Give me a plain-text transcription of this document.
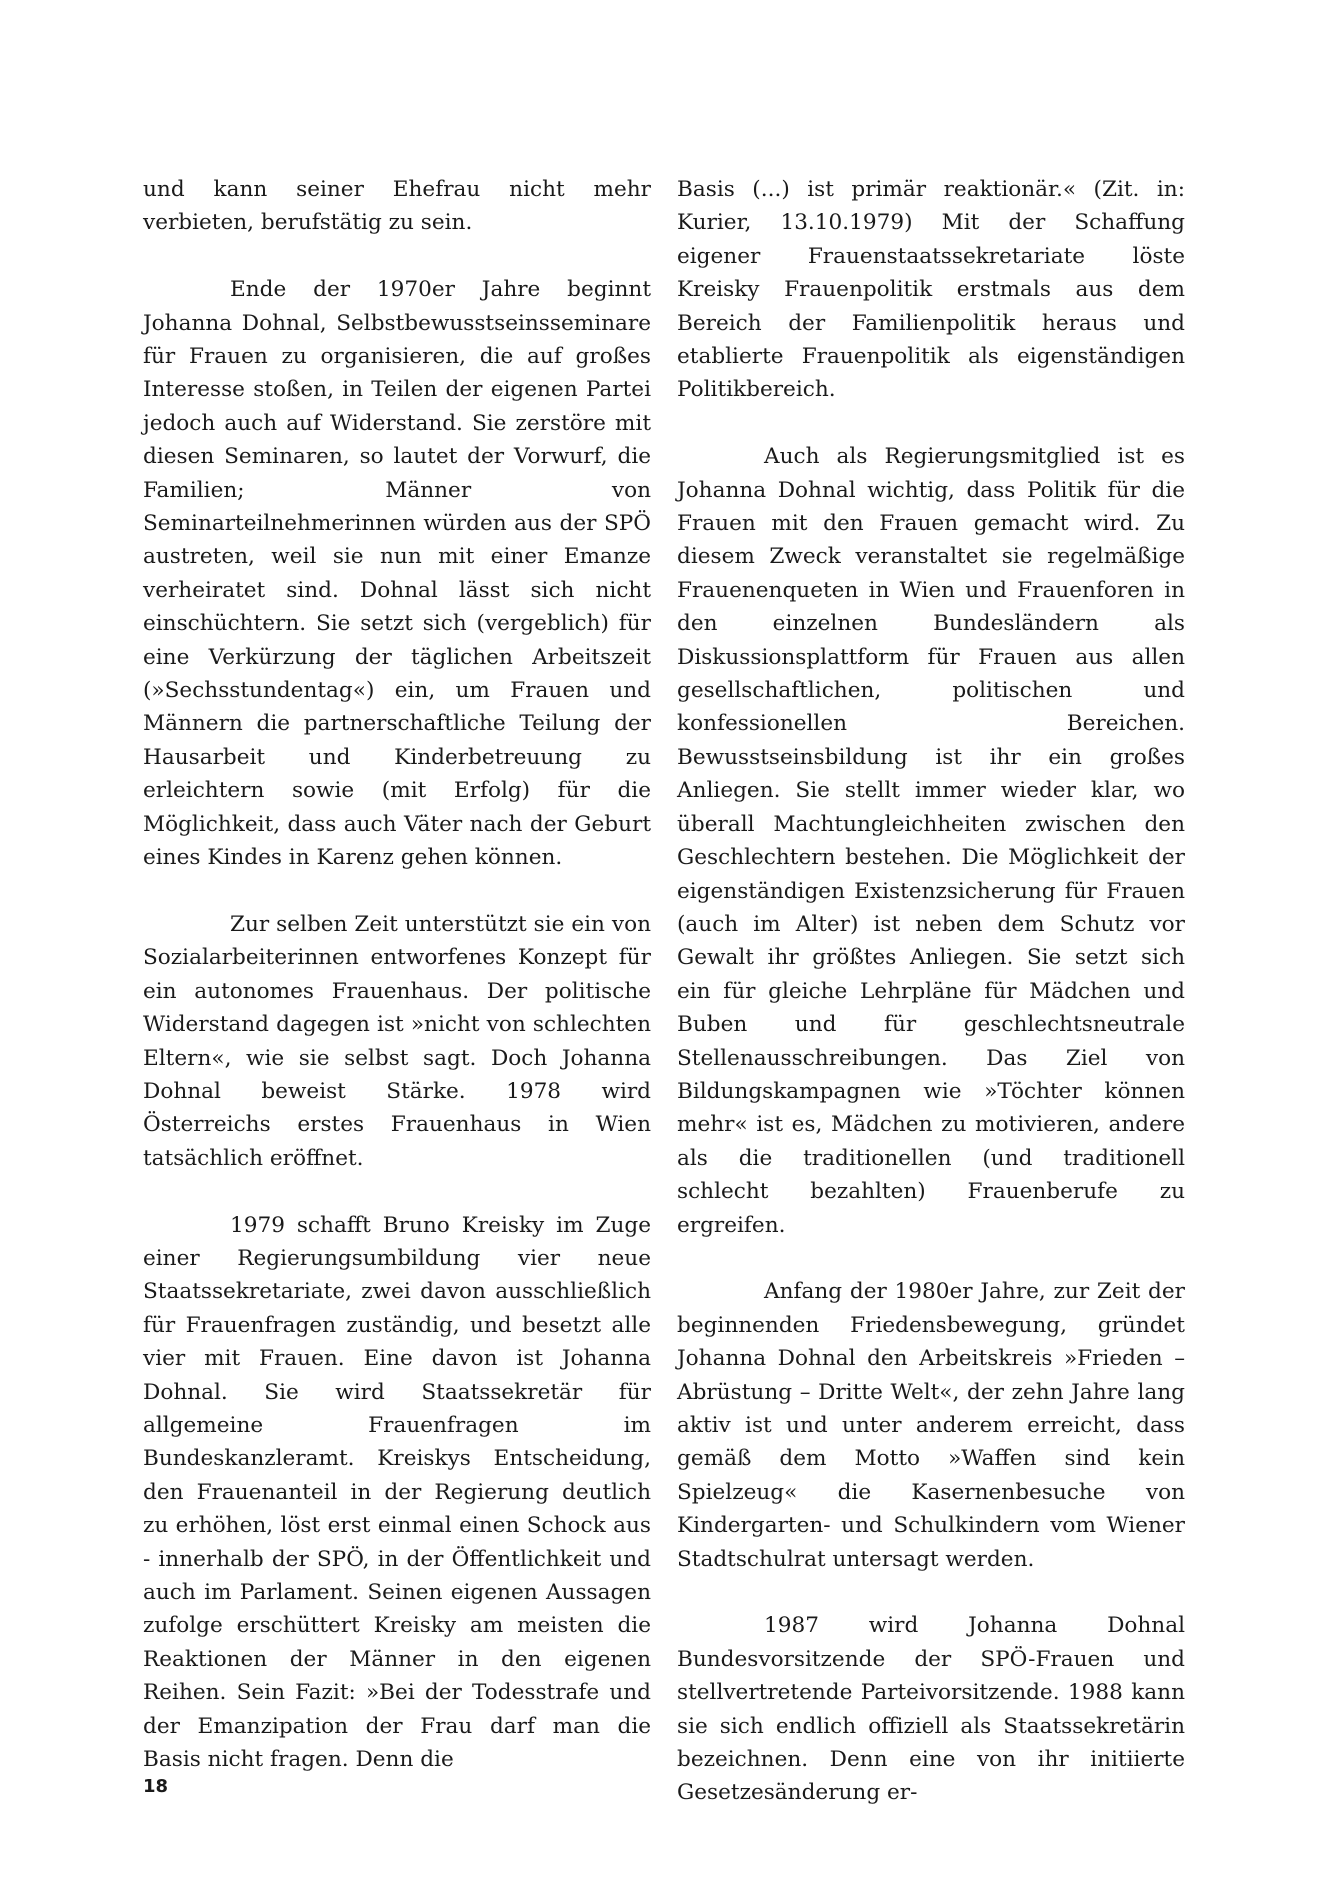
und kann seiner Ehefrau nicht mehr verbieten, berufstätig zu sein.

Ende der 1970er Jahre beginnt Johanna Dohnal, Selbstbewusstseinsseminare für Frauen zu organisieren, die auf großes Interesse stoßen, in Teilen der eigenen Partei jedoch auch auf Widerstand. Sie zerstöre mit diesen Seminaren, so lautet der Vorwurf, die Familien; Männer von Seminarteilnehmerinnen würden aus der SPÖ austreten, weil sie nun mit einer Emanze verheiratet sind. Dohnal lässt sich nicht einschüchtern. Sie setzt sich (vergeblich) für eine Verkürzung der täglichen Arbeitszeit (»Sechsstundentag«) ein, um Frauen und Männern die partnerschaftliche Teilung der Hausarbeit und Kinderbetreuung zu erleichtern sowie (mit Erfolg) für die Möglichkeit, dass auch Väter nach der Geburt eines Kindes in Karenz gehen können.

Zur selben Zeit unterstützt sie ein von Sozialarbeiterinnen entworfenes Konzept für ein autonomes Frauenhaus. Der politische Widerstand dagegen ist »nicht von schlechten Eltern«, wie sie selbst sagt. Doch Johanna Dohnal beweist Stärke. 1978 wird Österreichs erstes Frauenhaus in Wien tatsächlich eröffnet.

1979 schafft Bruno Kreisky im Zuge einer Regierungsumbildung vier neue Staatssekretariate, zwei davon ausschließlich für Frauenfragen zuständig, und besetzt alle vier mit Frauen. Eine davon ist Johanna Dohnal. Sie wird Staatssekretär für allgemeine Frauenfragen im Bundeskanzleramt. Kreiskys Entscheidung, den Frauenanteil in der Regierung deutlich zu erhöhen, löst erst einmal einen Schock aus - innerhalb der SPÖ, in der Öffentlichkeit und auch im Parlament. Seinen eigenen Aussagen zufolge erschüttert Kreisky am meisten die Reaktionen der Männer in den eigenen Reihen. Sein Fazit: »Bei der Todesstrafe und der Emanzipation der Frau darf man die Basis nicht fragen. Denn die

Basis (...) ist primär reaktionär.« (Zit. in: Kurier, 13.10.1979) Mit der Schaffung eigener Frauenstaatssekretariate löste Kreisky Frauenpolitik erstmals aus dem Bereich der Familienpolitik heraus und etablierte Frauenpolitik als eigenständigen Politikbereich.

Auch als Regierungsmitglied ist es Johanna Dohnal wichtig, dass Politik für die Frauen mit den Frauen gemacht wird. Zu diesem Zweck veranstaltet sie regelmäßige Frauenenqueten in Wien und Frauenforen in den einzelnen Bundesländern als Diskussionsplattform für Frauen aus allen gesellschaftlichen, politischen und konfessionellen Bereichen. Bewusstseinsbildung ist ihr ein großes Anliegen. Sie stellt immer wieder klar, wo überall Machtungleichheiten zwischen den Geschlechtern bestehen. Die Möglichkeit der eigenständigen Existenzsicherung für Frauen (auch im Alter) ist neben dem Schutz vor Gewalt ihr größtes Anliegen. Sie setzt sich ein für gleiche Lehrpläne für Mädchen und Buben und für geschlechtsneutrale Stellenausschreibungen. Das Ziel von Bildungskampagnen wie »Töchter können mehr« ist es, Mädchen zu motivieren, andere als die traditionellen (und traditionell schlecht bezahlten) Frauenberufe zu ergreifen.

Anfang der 1980er Jahre, zur Zeit der beginnenden Friedensbewegung, gründet Johanna Dohnal den Arbeitskreis »Frieden – Abrüstung – Dritte Welt«, der zehn Jahre lang aktiv ist und unter anderem erreicht, dass gemäß dem Motto »Waffen sind kein Spielzeug« die Kasernenbesuche von Kindergarten- und Schulkindern vom Wiener Stadtschulrat untersagt werden.

1987 wird Johanna Dohnal Bundesvorsitzende der SPÖ-Frauen und stellvertretende Parteivorsitzende. 1988 kann sie sich endlich offiziell als Staatssekretärin bezeichnen. Denn eine von ihr initiierte Gesetzesänderung er-

18
